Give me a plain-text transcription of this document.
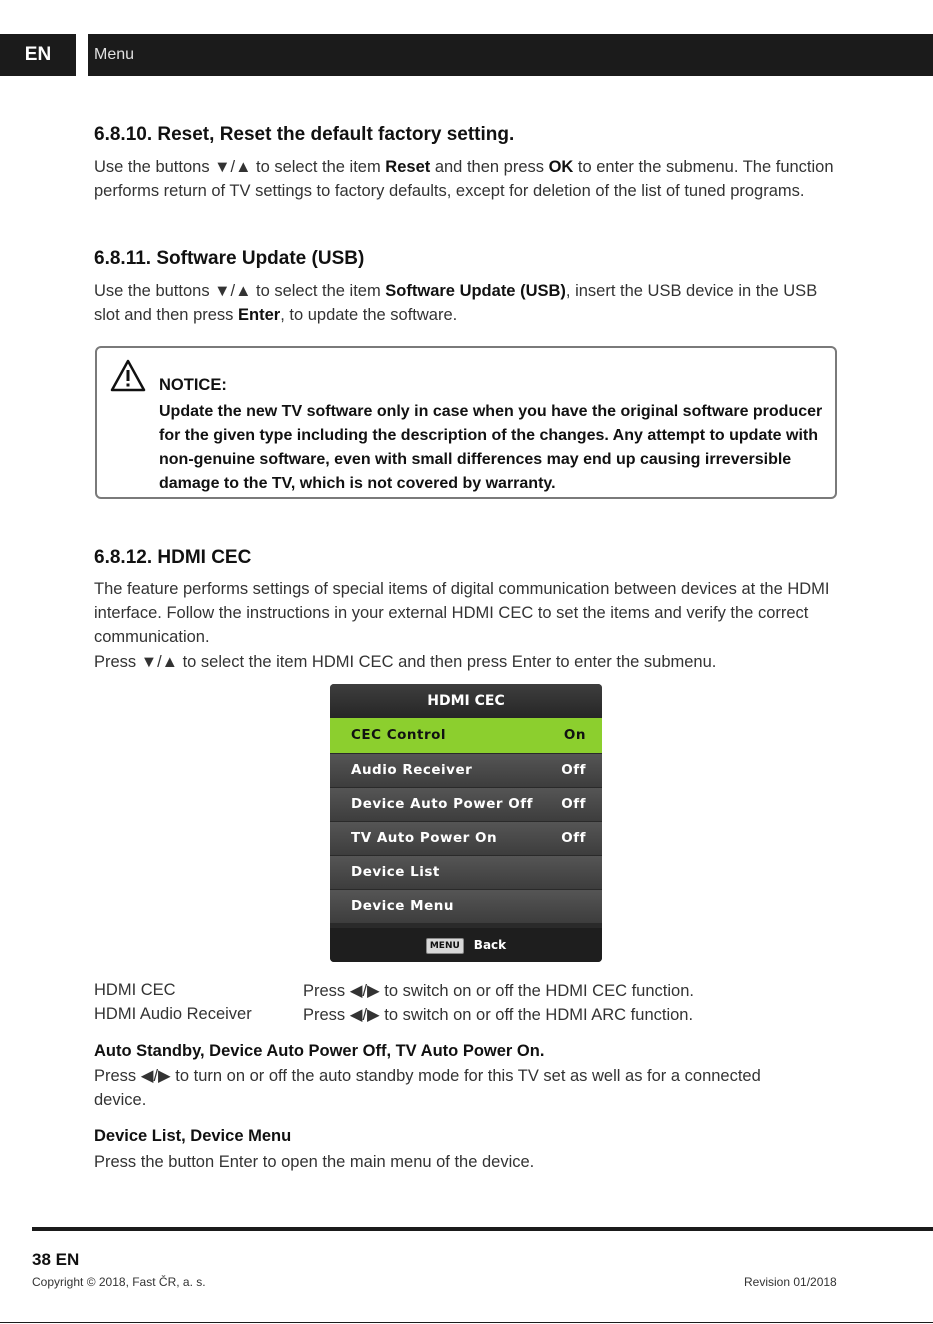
EN	Menu
6.8.10. Reset, Reset the default factory setting.

Use the buttons ▼/▲ to select the item Reset and then press OK to enter the submenu. The function performs return of TV settings to factory defaults, except for deletion of the list of tuned programs.

6.8.11. Software Update (USB)

Use the buttons ▼/▲ to select the item Software Update (USB), insert the USB device in the USB slot and then press Enter, to update the software.

NOTICE:
Update the new TV software only in case when you have the original software producer for the given type including the description of the changes. Any attempt to update with non-genuine software, even with small differences may end up causing irreversible damage to the TV, which is not covered by warranty.
6.8.12. HDMI CEC

The feature performs settings of special items of digital communication between devices at the HDMI interface. Follow the instructions in your external HDMI CEC to set the items and verify the correct communication.

Press ▼/▲ to select the item HDMI CEC and then press Enter to enter the submenu.

HDMI CEC
CEC Control	On
Audio Receiver	Off
Device Auto Power Off Off
TV Auto Power On	Off
Device List
Device Menu
MENU Back
HDMI CEC	Press ◀/▶ to switch on or off the HDMI CEC function.
HDMI Audio Receiver	Press ◀/▶ to switch on or off the HDMI ARC function.
Auto Standby, Device Auto Power Off, TV Auto Power On.

Press ◀/▶ to turn on or off the auto standby mode for this TV set as well as for a connected device.

Device List, Device Menu

Press the button Enter to open the main menu of the device.

38 EN
Copyright © 2018, Fast ČR, a. s.	Revision 01/2018
